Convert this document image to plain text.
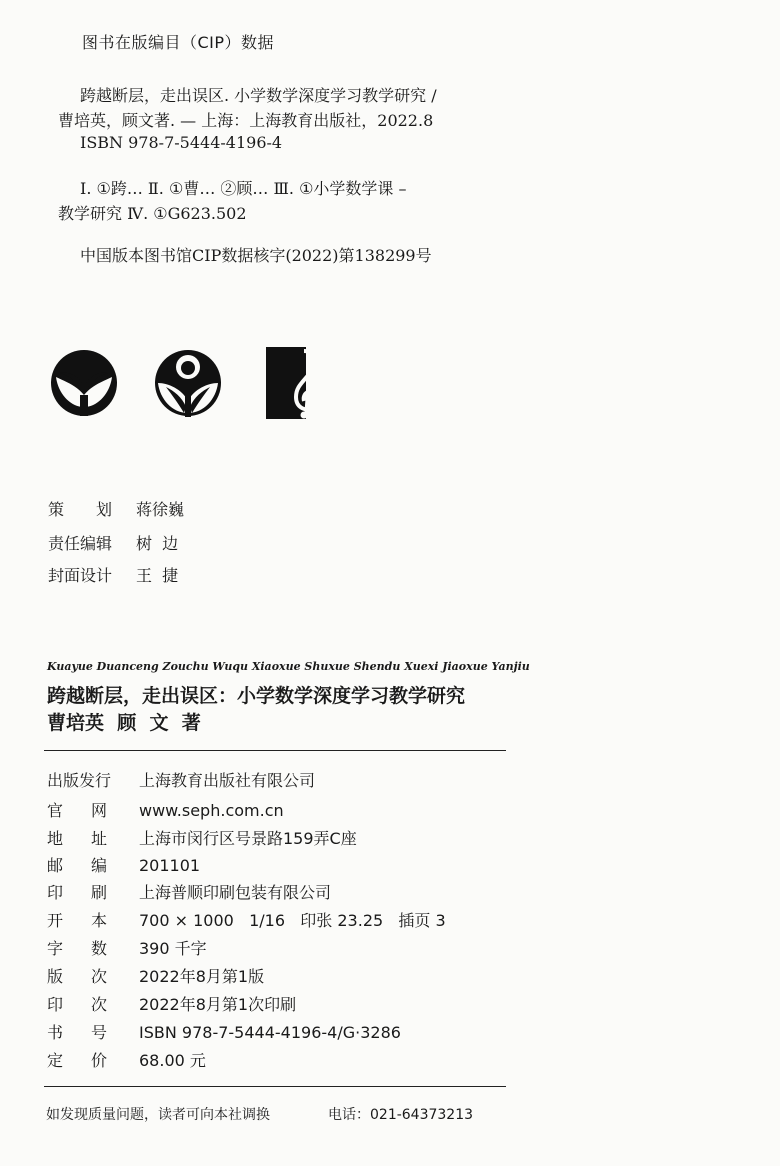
图书在版编目（CIP）数据
跨越断层，走出误区. 小学数学深度学习教学研究 /
曹培英，顾文著. — 上海：上海教育出版社，2022.8
ISBN 978-7-5444-4196-4
Ⅰ. ①跨… Ⅱ. ①曹… ②顾… Ⅲ. ①小学数学课 –
教学研究 Ⅳ. ①G623.502
中国版本图书馆CIP数据核字(2022)第138299号
策划蒋徐巍
责任编辑 树  边
封面设计 王  捷
Kuayue Duanceng Zouchu Wuqu Xiaoxue Shuxue Shendu Xuexi Jiaoxue Yanjiu
跨越断层，走出误区：小学数学深度学习教学研究
曹培英  顾  文  著
出版发行 上海教育出版社有限公司
官网 www.seph.com.cn
地址 上海市闵行区号景路159弄C座
邮编 201101
印刷 上海普顺印刷包装有限公司
开本 700 × 1000   1/16   印张 23.25   插页 3
字数 390 千字
版次 2022年8月第1版
印次 2022年8月第1次印刷
书号 ISBN 978-7-5444-4196-4/G·3286
定价 68.00 元
如发现质量问题，读者可向本社调换	电话：021-64373213
